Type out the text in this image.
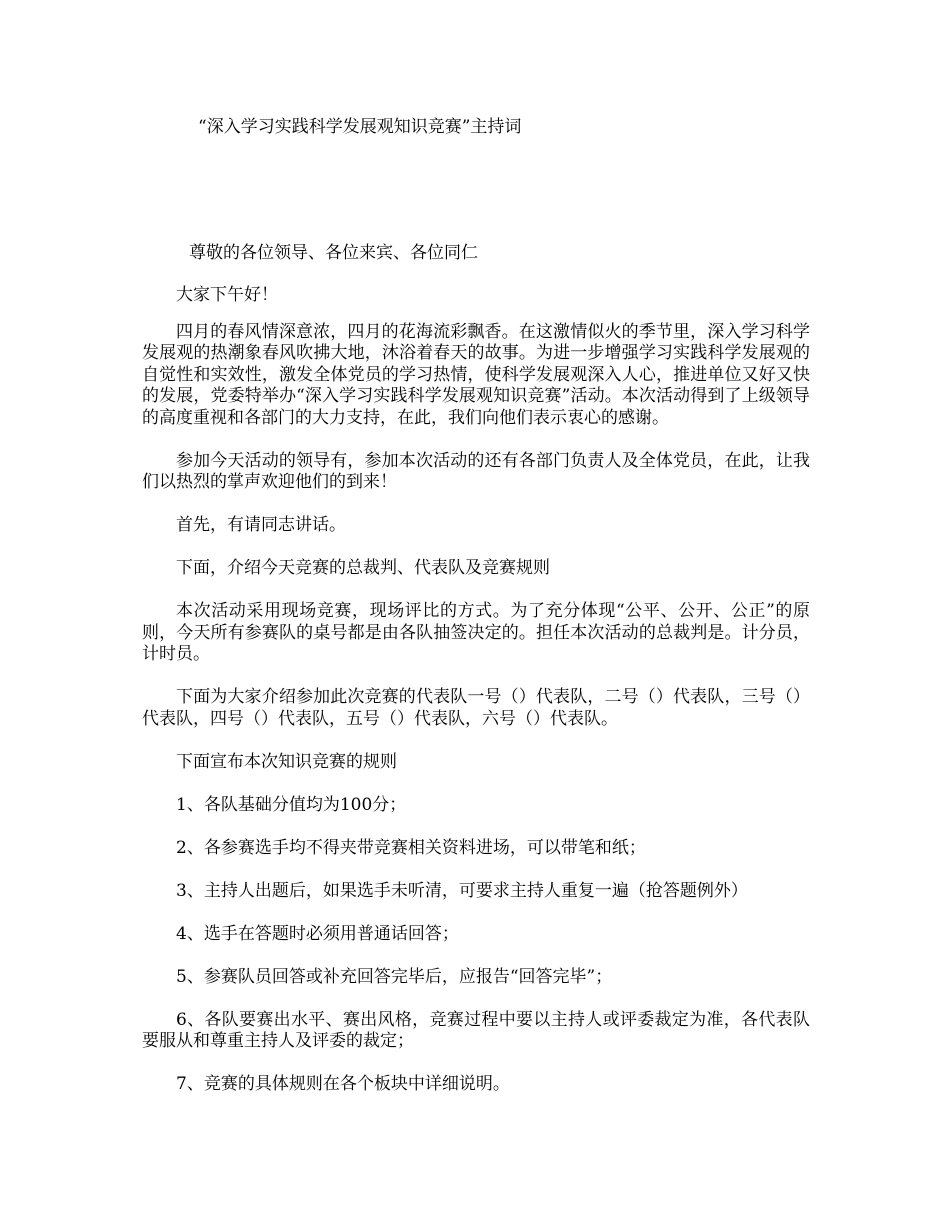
“深入学习实践科学发展观知识竞赛”主持词

尊敬的各位领导、各位来宾、各位同仁

大家下午好！

四月的春风情深意浓，四月的花海流彩飘香。在这激情似火的季节里，深入学习科学发展观的热潮象春风吹拂大地，沐浴着春天的故事。为进一步增强学习实践科学发展观的自觉性和实效性，激发全体党员的学习热情，使科学发展观深入人心，推进单位又好又快的发展，党委特举办“深入学习实践科学发展观知识竞赛”活动。本次活动得到了上级领导的高度重视和各部门的大力支持，在此，我们向他们表示衷心的感谢。

参加今天活动的领导有，参加本次活动的还有各部门负责人及全体党员，在此，让我们以热烈的掌声欢迎他们的到来！

首先，有请同志讲话。

下面，介绍今天竞赛的总裁判、代表队及竞赛规则

本次活动采用现场竞赛，现场评比的方式。为了充分体现“公平、公开、公正”的原则，今天所有参赛队的桌号都是由各队抽签决定的。担任本次活动的总裁判是。计分员，计时员。

下面为大家介绍参加此次竞赛的代表队一号（）代表队，二号（）代表队，三号（）代表队，四号（）代表队，五号（）代表队，六号（）代表队。

下面宣布本次知识竞赛的规则

1、各队基础分值均为100分；

2、各参赛选手均不得夹带竞赛相关资料进场，可以带笔和纸；

3、主持人出题后，如果选手未听清，可要求主持人重复一遍（抢答题例外）

4、选手在答题时必须用普通话回答；

5、参赛队员回答或补充回答完毕后，应报告“回答完毕”；

6、各队要赛出水平、赛出风格，竞赛过程中要以主持人或评委裁定为准，各代表队要服从和尊重主持人及评委的裁定；

7、竞赛的具体规则在各个板块中详细说明。
